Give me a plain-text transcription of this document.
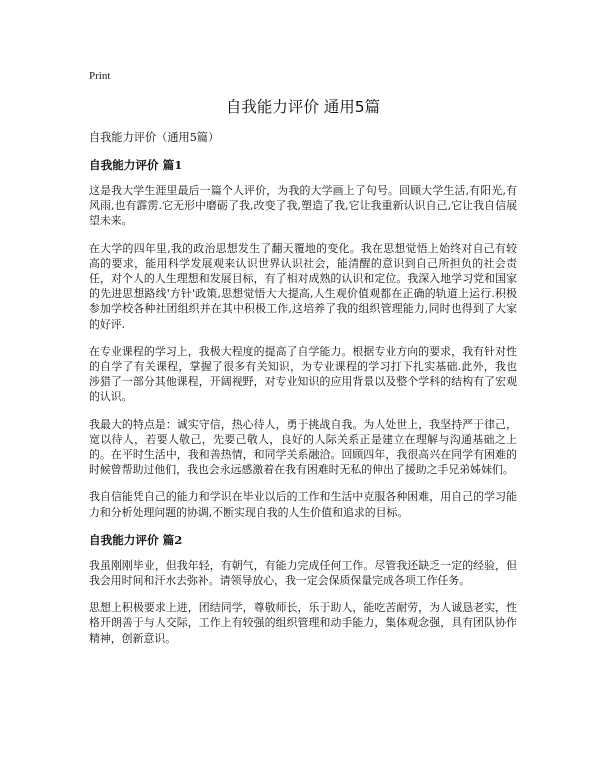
Print
自我能力评价 通用5篇

自我能力评价（通用5篇）

自我能力评价 篇1

这是我大学生涯里最后一篇个人评价，为我的大学画上了句号。回顾大学生活,有阳光,有风雨,也有霹雳.它无形中磨砺了我,改变了我,塑造了我,它让我重新认识自己,它让我自信展望未来。

在大学的四年里,我的政治思想发生了翻天覆地的变化。我在思想觉悟上始终对自己有较高的要求，能用科学发展观来认识世界认识社会，能清醒的意识到自己所担负的社会责任，对个人的人生理想和发展目标，有了相对成熟的认识和定位。我深入地学习党和国家的先进思想路线'方针'政策,思想觉悟大大提高,人生观价值观都在正确的轨道上运行.积极参加学校各种社团组织并在其中积极工作,这培养了我的组织管理能力,同时也得到了大家的好评.

在专业课程的学习上，我极大程度的提高了自学能力。根据专业方向的要求，我有针对性的自学了有关课程，掌握了很多有关知识，为专业课程的学习打下扎实基础.此外，我也涉猎了一部分其他课程，开阔视野，对专业知识的应用背景以及整个学科的结构有了宏观的认识。

我最大的特点是：诚实守信，热心待人，勇于挑战自我。为人处世上，我坚持严于律己，宽以待人，若要人敬己，先要己敬人，良好的人际关系正是建立在理解与沟通基础之上的。在平时生活中，我和善热情，和同学关系融洽。回顾四年，我很高兴在同学有困难的时候曾帮助过他们，我也会永远感激着在我有困难时无私的伸出了援助之手兄弟姊妹们。

我自信能凭自己的能力和学识在毕业以后的工作和生活中克服各种困难，用自己的学习能力和分析处理问题的协调,不断实现自我的人生价值和追求的目标。

自我能力评价 篇2

我虽刚刚毕业，但我年轻，有朝气，有能力完成任何工作。尽管我还缺乏一定的经验，但我会用时间和汗水去弥补。请领导放心，我一定会保质保量完成各项工作任务。

思想上积极要求上进，团结同学，尊敬师长，乐于助人，能吃苦耐劳，为人诚恳老实，性格开朗善于与人交际，工作上有较强的组织管理和动手能力，集体观念强，具有团队协作精神，创新意识。
